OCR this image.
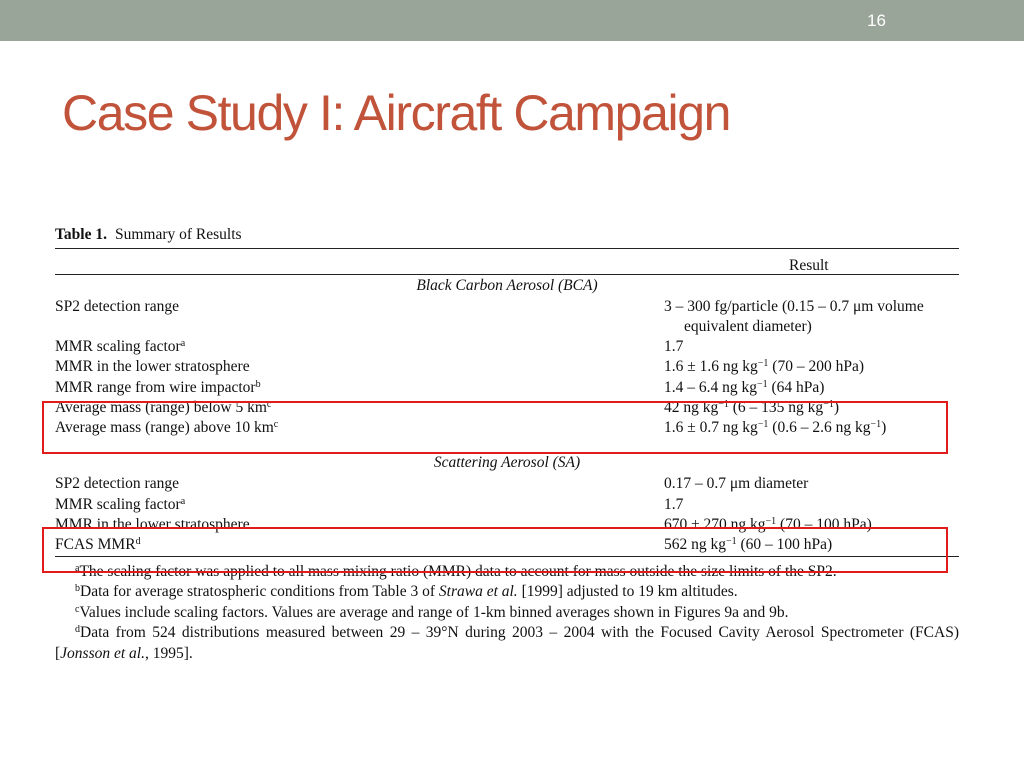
16
Case Study I: Aircraft Campaign
Table 1. Summary of Results
Result
Black Carbon Aerosol (BCA)
SP2 detection range	3 – 300 fg/particle (0.15 – 0.7 μm volume
equivalent diameter)
MMR scaling factor$^a$	1.7
MMR in the lower stratosphere	1.6 ± 1.6 ng $kg^{-1}$ (70 – 200 hPa)
MMR range from wire impactor$^b$	1.4 – 6.4 ng $kg^{-1}$ (64 hPa)
Average mass (range) below 5 $km^c$	42 ng $kg^{-1}$ (6 – 135 ng $kg^{-1}$)
Average mass (range) above 10 $km^c$	1.6 ± 0.7 ng $kg^{-1}$ (0.6 – 2.6 ng $kg^{-1}$)
Scattering Aerosol (SA)
SP2 detection range	0.17 – 0.7 μm diameter
MMR scaling factor$^a$	1.7
MMR in the lower stratosphere	670 ± 270 ng $kg^{-1}$ (70 – 100 hPa)
FCAS MMR$^d$	562 ng $kg^{-1}$ (60 – 100 hPa)

$^a$The scaling factor was applied to all mass mixing ratio (MMR) data to account for mass outside the size limits of the SP2.

$^b$Data for average stratospheric conditions from Table 3 of Strawa et al. [1999] adjusted to 19 km altitudes.

$^c$Values include scaling factors. Values are average and range of 1-km binned averages shown in Figures 9a and 9b.

$^d$Data from 524 distributions measured between 29 – 39°N during 2003 – 2004 with the Focused Cavity Aerosol Spectrometer (FCAS) [Jonsson et al., 1995].
